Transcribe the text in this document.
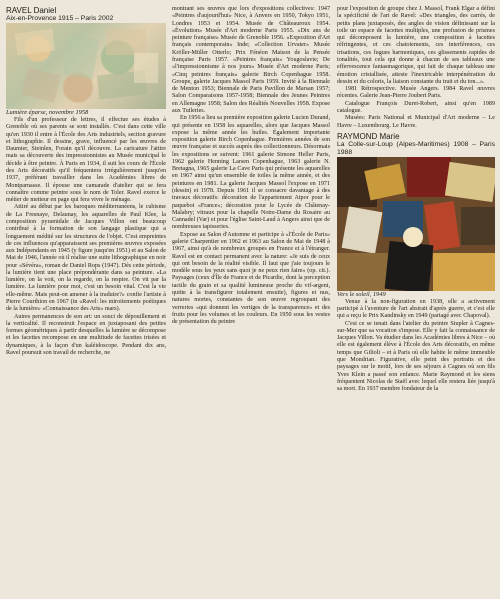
RAVEL Daniel

Aix-en-Provence 1915 – Paris 2002

Lumière éparse, novembre 1958

Fils d'un professeur de lettres, il effectue ses études à Grenoble où ses parents se sont installés. C'est dans cette ville qu'en 1930 il entre à l'École des Arts industriels, section gravure et lithographie. Il dessine, grave, influencé par les œuvres de Daumier, Steinlen, Forain qu'il découvre. La caricature l'attire mais sa découverte des impressionnistes au Musée municipal le décide à être peintre. À Paris en 1934, il suit les cours de l'École des Arts décoratifs qu'il fréquentera irrégulièrement jusqu'en 1937, préférant travailler dans les Académies libres de Montparnasse. Il épouse une camarade d'atelier qui se fera connaître comme peintre sous le nom de Toler. Ravel exerce le métier de metteur en page qui fera vivre le ménage.

Attiré au début par les baroques méditerranéens, le cubisme de La Fresnaye, Delaunay, les aquarelles de Paul Klee, la composition pyramidale de Jacques Villon ont beaucoup contribué à la formation de son langage plastique qui a longuement médité sur les structures de l'objet. C'est empreintes de ces influences qu'apparaissent ses premières œuvres exposées aux Indépendants en 1945 (y figure jusqu'en 1951) et au Salon de Mai de 1946, l'année où il réalise une suite lithographique en noir pour «Sévéra», roman de Daniel Rops (1947). Dès cette période, la lumière tient une place prépondérante dans sa peinture. «La lumière, on la voit, on la regarde, on la respire. On vit par la lumière. La lumière pour moi, c'est un besoin vital. C'est la vie elle-même. Mais peut-on amener à la traduire?» confie l'artiste à Pierre Courthion en 1967 (in «Ravel: les miroitements poétiques de la lumière» «Connaissance des Arts» mars).

Autres permanences de son art: un souci de dépouillement et la verticalité. Il reconstruit l'espace en juxtaposant des petites formes géométriques à partir desquelles la lumière se décompose et les facettes recompose en une multitude de facettes irisées et dynamiques, à la façon d'un kaléidoscope. Pendant dix ans, Ravel poursuit son travail de recherche, ne

montrant ses œuvres que lors d'expositions collectives: 1947 «Peintres d'aujourd'hui» Nice, à Anvers en 1950, Tokyo 1951, Londres 1953 et 1954. Musée de Châteauroux 1954. «Évolution» Musée d'Art moderne Paris 1955. «Dix ans de peinture française» Musée de Grenoble 1956. «Exposition d'Art français contemporain» Inde; «Collection Urvater» Musée Kröller-Müller Otterlo; Prix Fénéon Maison de la Pensée française Paris 1957. «Peintres français» Yougoslavie; De «l'impressionnisme à nos jours» Musée d'Art moderne Paris; «Cinq peintres français» galerie Birch Copenhague 1958. Groupe, galerie Jacques Massol Paris 1959. Invité à la Biennale de Menton 1953; Biennale de Paris Pavillon de Marsan 1957; Salon Comparaisons 1957-1958; Biennale des Jeunes Peintres en Allemagne 1958; Salon des Réalités Nouvelles 1958. Expose aux Tuileries.

En 1956 a lieu sa première exposition galerie Lucien Durand, qui présente en 1958 les aquarelles, alors que Jacques Massol expose la même année les huiles. Également importante exposition galerie Birch Copenhague. Premières années de son œuvre française et succès auprès des collectionneurs. Désormais les expositions se suivent: 1961 galerie Simone Heller Paris, 1962 galerie Henning Larsen Copenhague, 1963 galerie N. Bretagna, 1965 galerie La Cave Paris qui présente les aquarelles en 1967 ainsi qu'un ensemble de toiles la même année, et des peintures en 1981. La galerie Jacques Massol l'expose en 1971 (dessin) et 1978. Depuis 1961 il se consacre davantage à des travaux décoratifs: décoration de l'appartement Atpor pour le paquebot «France»; décoration pour le Lycée de Châtenay-Malabry; vitraux pour la chapelle Notre-Dame du Rosaire au Cannadel (Var) et pour l'église Saint-Laud à Angers ainsi que de nombreuses tapisseries.

Expose au Salon d'Automne et participe à «l'École de Paris» galerie Charpentier en 1962 et 1963 au Salon de Mai de 1948 à 1967, ainsi qu'à de nombreux groupes en France et à l'étranger. Ravel est en contact permanent avec la nature: «Je suis de ceux qui ont besoin de la réalité visible. Il faut que j'aie toujours le modèle sous les yeux sans quoi je ne peux rien faire» (op. cit.). Paysages (ceux d'Île de France et de Picardie, dont la perception tactile du grain et sa qualité lumineuse proche du vif-argent, quitte à la transfigurer totalement ensuite), figures et nus, natures mortes, constantes de son œuvre regroupant des verreries «qui donnent les vertiges de la transparence» et des fruits pour les volumes et les couleurs. En 1950 sous les vestes de présentation du peintre

pour l'exposition de groupe chez J. Massol, Frank Elgar a défini la spécificité de l'art de Ravel: «Des triangles, des carrés, de petits plans juxtaposés, des angles de vision définissant sur la toile un espace de facettes multiples, une profusion de prismes qui décomposent la lumière, une composition à facettes réfringentes, et ces chatoiements, ces interférences, ces irisations, ces fugues harmoniques, ces glissements rapides de tonalités, tout cela qui donne à chacun de ses tableaux une effervescence fantasmagorique, qui fait de chaque tableau une émotion cristallisée, atteste l'inextricable interpénétration du dessin et du coloris, la liaison constante du trait et du ton...».

1981 Rétrospective. Musée Angers. 1984 Ravel œuvres récentes. Galerie Jean-Pierre Joubert Paris.

Catalogue François Duret-Robert, ainsi qu'en 1989 catalogue.

Musées: Paris National et Municipal d'Art moderne – Le Havre – Luxembourg. Le Havre.

RAYMOND Marie

La Colle-sur-Loup (Alpes-Maritimes) 1908 – Paris 1988

Vers le soleil, 1949

Venue à la non-figuration en 1938, elle a activement participé à l'aventure de l'art abstrait d'après guerre, et c'est elle qui a reçu le Prix Kandinsky en 1949 (partagé avec Chapoval).

C'est ce se tenait dans l'atelier du peintre Stupler à Cagnes-sur-Mer que sa vocation s'impose. Elle y fait la connaissance de Jacques Villon. Va étudier dans les Académies libres à Nice – où elle est également élève à l'École des Arts décoratifs, en même temps que Gilioli – et à Paris où elle habite le même immeuble que Mondrian. Figurative, elle peint des portraits et des paysages sur le motif, lors de ses séjours à Cagnes où son fils Yves Klein a passé son enfance. Marie Raymond et les siens fréquentent Nicolas de Staël avec lequel elle restera liée jusqu'à sa mort. En 1937 membre fondateur de la
